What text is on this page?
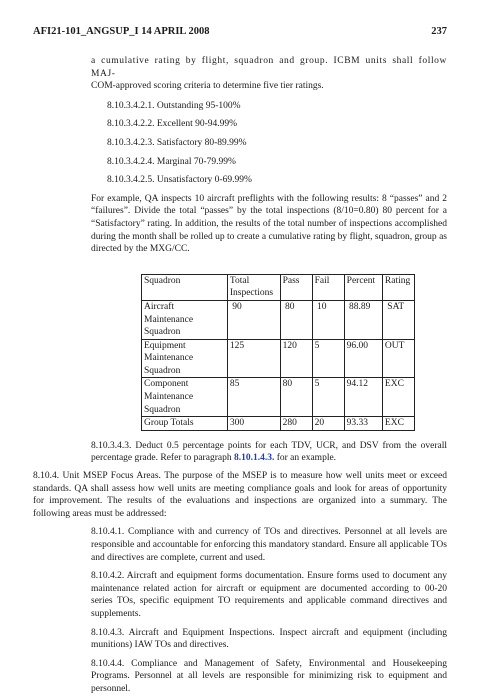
AFI21-101_ANGSUP_I 14 APRIL 2008	237

a cumulative rating by flight, squadron and group. ICBM units shall follow MAJ-

COM-approved scoring criteria to determine five tier ratings.

8.10.3.4.2.1. Outstanding 95-100%

8.10.3.4.2.2. Excellent 90-94.99%

8.10.3.4.2.3. Satisfactory 80-89.99%

8.10.3.4.2.4. Marginal 70-79.99%

8.10.3.4.2.5. Unsatisfactory 0-69.99%

For example, QA inspects 10 aircraft preflights with the following results: 8 “passes” and 2 “failures”. Divide the total “passes” by the total inspections (8/10=0.80) 80 percent for a “Satisfactory” rating. In addition, the results of the total number of inspections accomplished during the month shall be rolled up to create a cumulative rating by flight, squadron, group as directed by the MXG/CC.

Squadron	Total
Inspections	Pass	Fail	Percent	Rating

Aircraft Maintenance
Squadron	90	80	10	88.89	SAT

Equipment Maintenance
Squadron	125	120	5	96.00	OUT

Component Maintenance
Squadron	85	80	5	94.12	EXC
Group Totals	300	280	20	93.33	EXC

8.10.3.4.3. Deduct 0.5 percentage points for each TDV, UCR, and DSV from the overall percentage grade. Refer to paragraph 8.10.1.4.3. for an example.

8.10.4. Unit MSEP Focus Areas. The purpose of the MSEP is to measure how well units meet or exceed standards. QA shall assess how well units are meeting compliance goals and look for areas of opportunity for improvement. The results of the evaluations and inspections are organized into a summary. The following areas must be addressed:

8.10.4.1. Compliance with and currency of TOs and directives. Personnel at all levels are responsible and accountable for enforcing this mandatory standard. Ensure all applicable TOs and directives are complete, current and used.

8.10.4.2. Aircraft and equipment forms documentation. Ensure forms used to document any maintenance related action for aircraft or equipment are documented according to 00-20 series TOs, specific equipment TO requirements and applicable command directives and supplements.

8.10.4.3. Aircraft and Equipment Inspections. Inspect aircraft and equipment (including munitions) IAW TOs and directives.

8.10.4.4. Compliance and Management of Safety, Environmental and Housekeeping Programs. Personnel at all levels are responsible for minimizing risk to equipment and personnel.
